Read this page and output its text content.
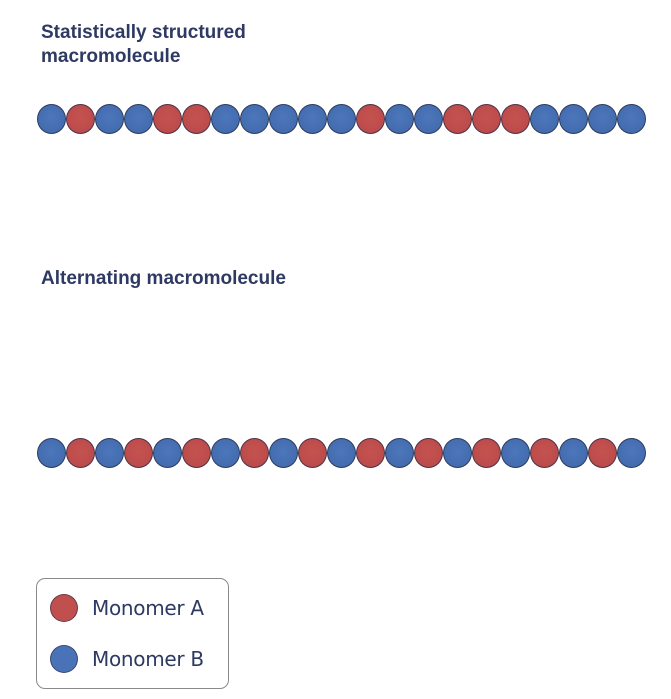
Statistically structured macromolecule
Alternating macromolecule
Monomer A
Monomer B
